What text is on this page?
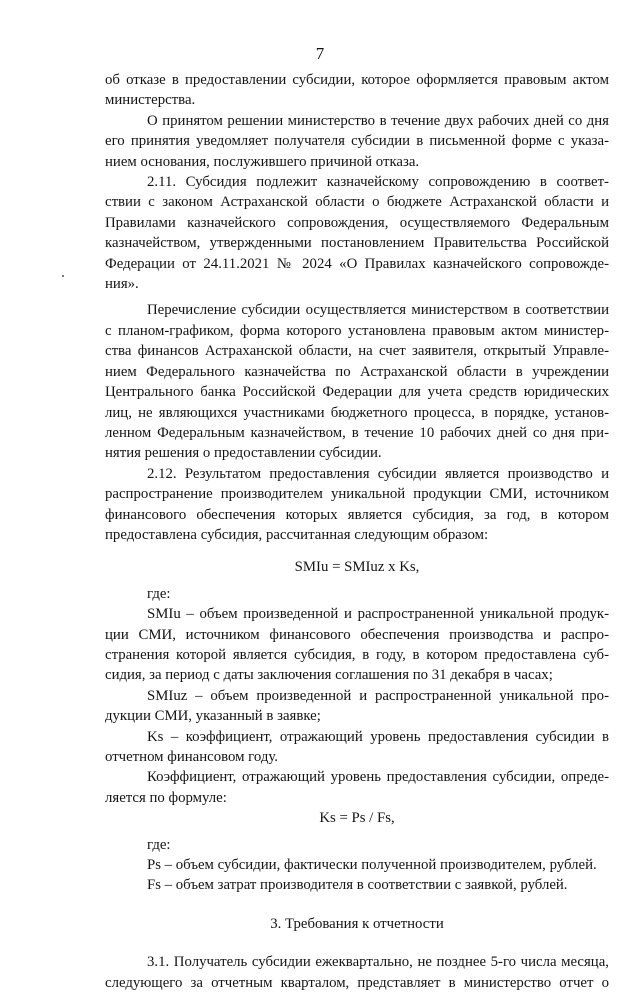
7
об отказе в предоставлении субсидии, которое оформляется правовым актом
министерства.
О принятом решении министерство в течение двух рабочих дней со дня
его принятия уведомляет получателя субсидии в письменной форме с указа-
нием основания, послужившего причиной отказа.
2.11. Субсидия подлежит казначейскому сопровождению в соответ-
ствии с законом Астраханской области о бюджете Астраханской области и
Правилами казначейского сопровождения, осуществляемого Федеральным
казначейством, утвержденными постановлением Правительства Российской
Федерации от 24.11.2021 № 2024 «О Правилах казначейского сопровожде-
ния».
Перечисление субсидии осуществляется министерством в соответствии
с планом-графиком, форма которого установлена правовым актом министер-
ства финансов Астраханской области, на счет заявителя, открытый Управле-
нием Федерального казначейства по Астраханской области в учреждении
Центрального банка Российской Федерации для учета средств юридических
лиц, не являющихся участниками бюджетного процесса, в порядке, установ-
ленном Федеральным казначейством, в течение 10 рабочих дней со дня при-
нятия решения о предоставлении субсидии.
2.12. Результатом предоставления субсидии является производство и
распространение производителем уникальной продукции СМИ, источником
финансового обеспечения которых является субсидия, за год, в котором
предоставлена субсидия, рассчитанная следующим образом:
SMIu = SMIuz x Ks,
где:
SMIu – объем произведенной и распространенной уникальной продук-
ции СМИ, источником финансового обеспечения производства и распро-
странения которой является субсидия, в году, в котором предоставлена суб-
сидия, за период с даты заключения соглашения по 31 декабря в часах;
SMIuz – объем произведенной и распространенной уникальной про-
дукции СМИ, указанный в заявке;
Ks – коэффициент, отражающий уровень предоставления субсидии в
отчетном финансовом году.
Коэффициент, отражающий уровень предоставления субсидии, опреде-
ляется по формуле:
Ks = Ps / Fs,
где:
Ps – объем субсидии, фактически полученной производителем, рублей.
Fs – объем затрат производителя в соответствии с заявкой, рублей.
3. Требования к отчетности
3.1. Получатель субсидии ежеквартально, не позднее 5-го числа месяца,
следующего за отчетным кварталом, представляет в министерство отчет о
